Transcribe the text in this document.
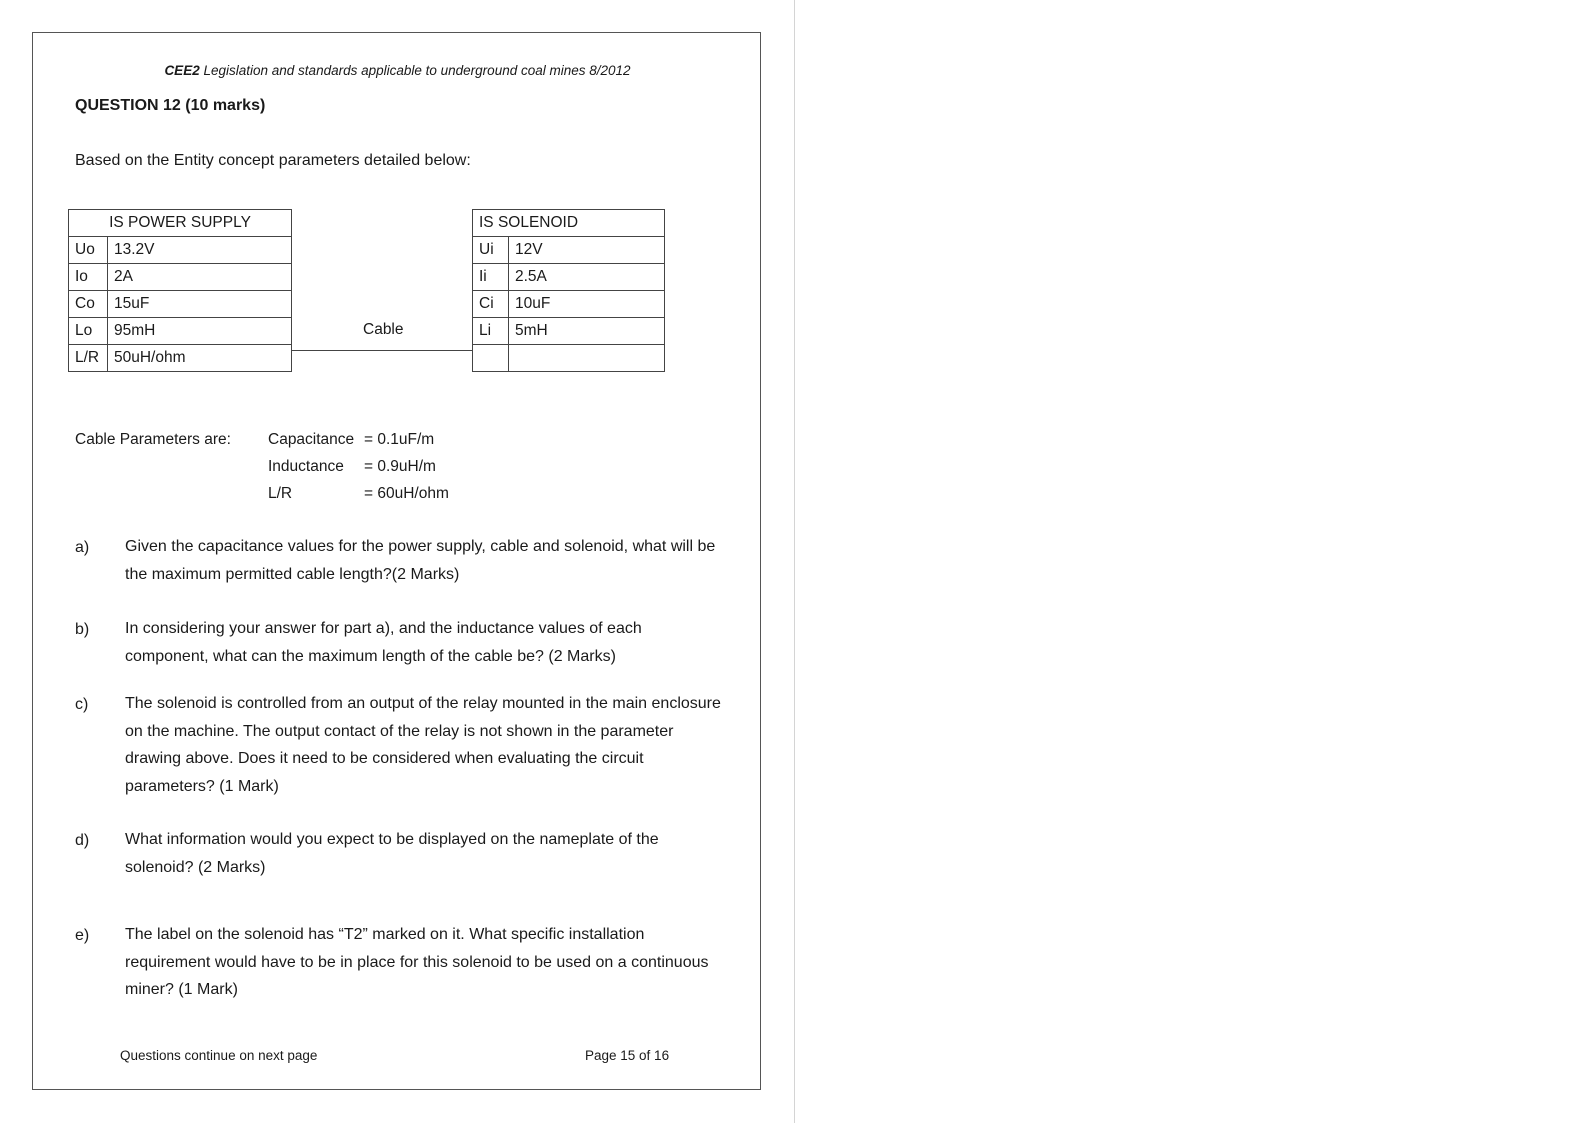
CEE2 Legislation and standards applicable to underground coal mines 8/2012
QUESTION 12 (10 marks)
Based on the Entity concept parameters detailed below:
IS POWER SUPPLY	
Uo	13.2V
Io	2A
Co	15uF
Lo	95mH
L/R	50uH/ohm
Cable
IS SOLENOID	
Ui	12V
Ii	2.5A
Ci	10uF
Li	5mH

Cable Parameters are: Capacitance = 0.1uF/m
Inductance = 0.9uH/m
L/R	= 60uH/ohm
a) Given the capacitance values for the power supply, cable and solenoid, what will be the maximum permitted cable length?(2 Marks)
b) In considering your answer for part a), and the inductance values of each component, what can the maximum length of the cable be? (2 Marks)
c) The solenoid is controlled from an output of the relay mounted in the main enclosure on the machine. The output contact of the relay is not shown in the parameter drawing above. Does it need to be considered when evaluating the circuit parameters? (1 Mark)
d) What information would you expect to be displayed on the nameplate of the solenoid? (2 Marks)
e) The label on the solenoid has “T2” marked on it. What specific installation requirement would have to be in place for this solenoid to be used on a continuous miner? (1 Mark)
Questions continue on next page	Page 15 of 16
